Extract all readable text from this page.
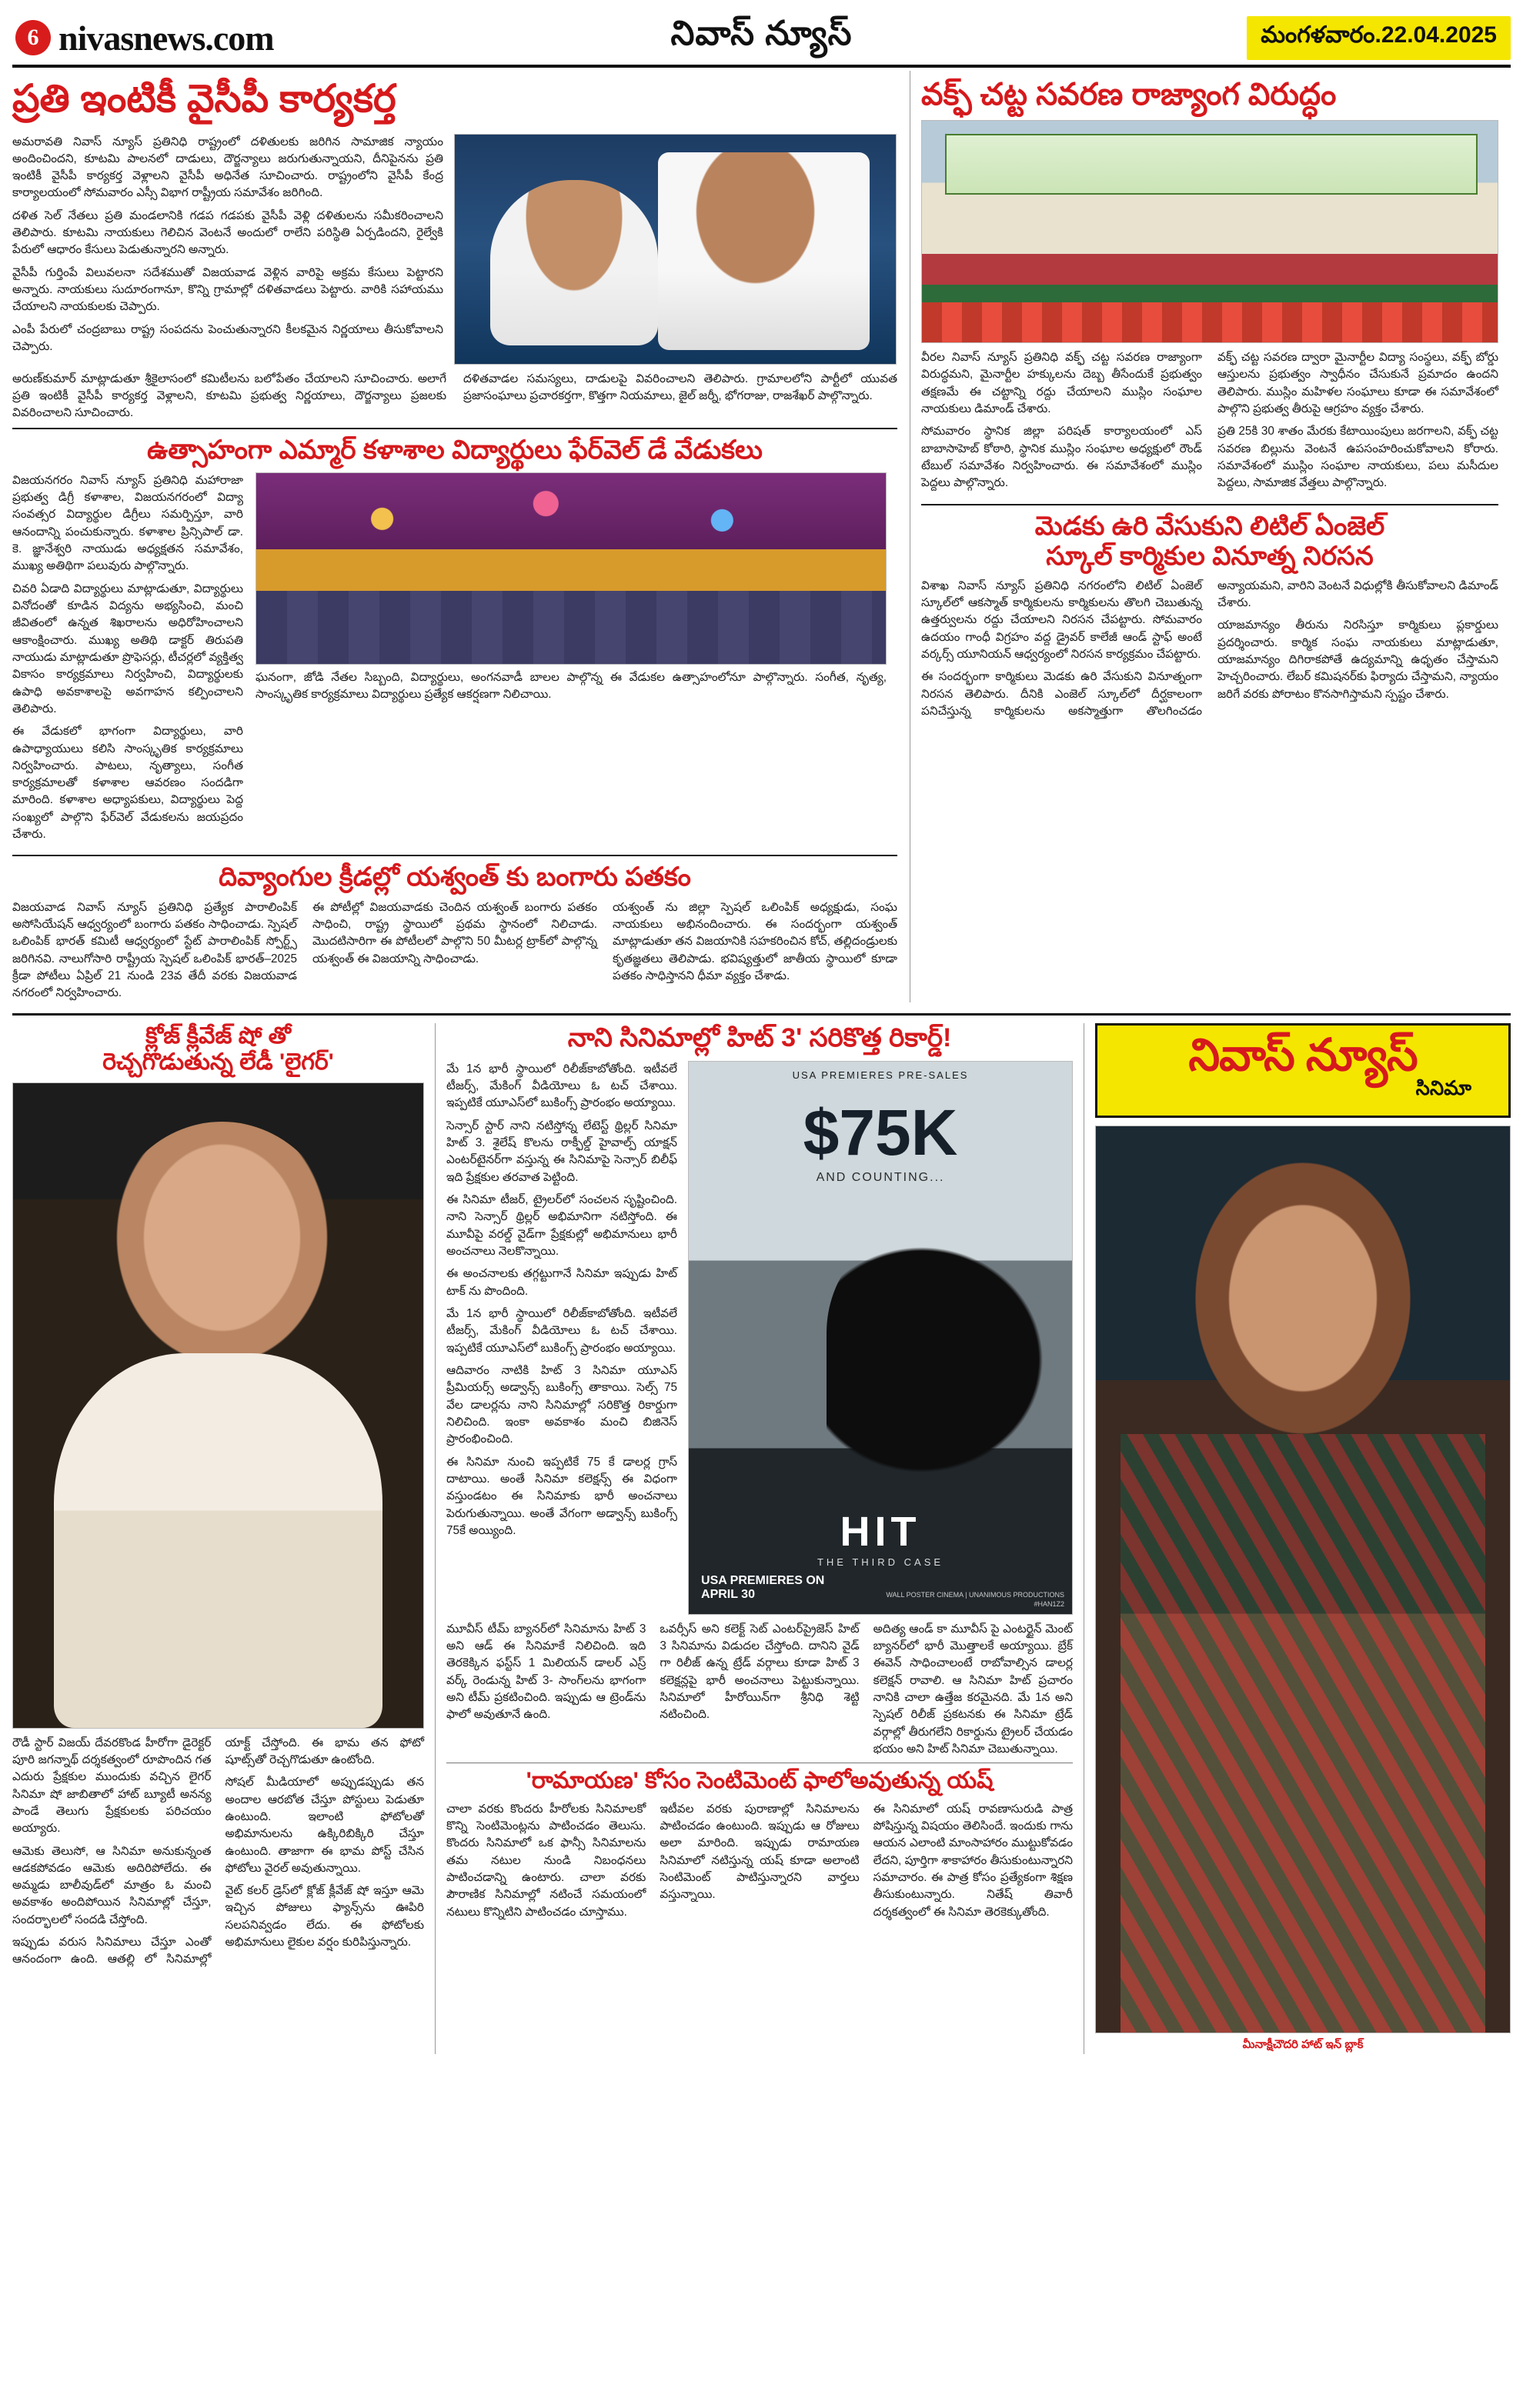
6 nivasnews.com	నివాస్ న్యూస్	మంగళవారం.22.04.2025
ప్రతి ఇంటికీ వైసీపీ కార్యకర్త

అమరావతి నివాస్ న్యూస్ ప్రతినిధి రాష్ట్రంలో దళితులకు జరిగిన సామాజిక న్యాయం అందించిందని, కూటమి పాలనలో దాడులు, దౌర్జన్యాలు జరుగుతున్నాయని, దీనిపైనను ప్రతి ఇంటికీ వైసీపీ కార్యకర్త వెళ్లాలని వైసీపీ అధినేత సూచించారు. రాష్ట్రంలోని వైసీపీ కేంద్ర కార్యాలయంలో సోమవారం ఎస్సీ విభాగ రాష్ట్రీయ సమావేశం జరిగింది.

దళిత సెల్ నేతలు ప్రతి మండలానికి గడప గడపకు వైసీపీ వెళ్లి దళితులను సమీకరించాలని తెలిపారు. కూటమి నాయకులు గెలిచిన వెంటనే అందులో రాలేని పరిస్థితి ఏర్పడిందని, రైల్వేకి పేరులో ఆధారం కేసులు పెడుతున్నారని అన్నారు.

వైసీపీ గుర్తింపే విలువలనా సదేశముతో విజయవాడ వెళ్లిన వారిపై అక్రమ కేసులు పెట్టారని అన్నారు. నాయకులు సుదూరంగానూ, కొన్ని గ్రామాల్లో దళితవాడలు పెట్టారు. వారికి సహాయము చేయాలని నాయకులకు చెప్పారు.

ఎంపీ పేరులో చంద్రబాబు రాష్ట్ర సంపదను పెంచుతున్నారని కీలకమైన నిర్ణయాలు తీసుకోవాలని చెప్పారు.

అరుణ్‌కుమార్ మాట్లాడుతూ శ్రీకైలాసంలో కమిటీలను బలోపేతం చేయాలని సూచించారు. అలాగే ప్రతి ఇంటికీ వైసీపీ కార్యకర్త వెళ్లాలని, కూటమి ప్రభుత్వ నిర్ణయాలు, దౌర్జన్యాలు ప్రజలకు వివరించాలని సూచించారు.

దళితవాడల సమస్యలు, దాడులపై వివరించాలని తెలిపారు. గ్రామాలలోని పార్టీలో యువత ప్రజాసంఘాలు ప్రచారకర్తగా, కొత్తగా నియమాలు, జైల్ జర్నీ, భోగరాజు, రాజశేఖర్ పాల్గొన్నారు.

ఉత్సాహంగా ఎమ్మార్ కళాశాల విద్యార్థులు ఫేర్‌వెల్ డే వేడుకలు

విజయనగరం నివాస్ న్యూస్ ప్రతినిధి మహారాజా ప్రభుత్వ డిగ్రీ కళాశాల, విజయనగరంలో విద్యా సంవత్సర విద్యార్థుల డిగ్రీలు సమర్పిస్తూ, వారి ఆనందాన్ని పంచుకున్నారు. కళాశాల ప్రిన్సిపాల్ డా. కె. జ్ఞానేశ్వరి నాయుడు అధ్యక్షతన సమావేశం, ముఖ్య అతిథిగా పలువురు పాల్గొన్నారు.

చివరి ఏడాది విద్యార్థులు మాట్లాడుతూ, విద్యార్థులు వినోదంతో కూడిన విద్యను అభ్యసించి, మంచి జీవితంలో ఉన్నత శిఖరాలను అధిరోహించాలని ఆకాంక్షించారు. ముఖ్య అతిథి డాక్టర్ తిరుపతి నాయుడు మాట్లాడుతూ ప్రొఫెసర్లు, టీచర్లలో వ్యక్తిత్వ వికాసం కార్యక్రమాలు నిర్వహించి, విద్యార్థులకు ఉపాధి అవకాశాలపై అవగాహన కల్పించాలని తెలిపారు.

ఈ వేడుకలో భాగంగా విద్యార్థులు, వారి ఉపాధ్యాయులు కలిసి సాంస్కృతిక కార్యక్రమాలు నిర్వహించారు. పాటలు, నృత్యాలు, సంగీత కార్యక్రమాలతో కళాశాల ఆవరణం సందడిగా మారింది. కళాశాల అధ్యాపకులు, విద్యార్థులు పెద్ద సంఖ్యలో పాల్గొని ఫేర్‌వెల్ వేడుకలను జయప్రదం చేశారు.

ఘనంగా, జోడి నేతల సిబ్బంది, విద్యార్థులు, అంగనవాడీ బాలల పాల్గొన్న ఈ వేడుకల ఉత్సాహంలోనూ పాల్గొన్నారు. సంగీత, నృత్య, సాంస్కృతిక కార్యక్రమాలు విద్యార్థులు ప్రత్యేక ఆకర్షణగా నిలిచాయి.
దివ్యాంగుల క్రీడల్లో యశ్వంత్ కు బంగారు పతకం

విజయవాడ నివాస్ న్యూస్ ప్రతినిధి ప్రత్యేక పారాలింపిక్ అసోసియేషన్ ఆధ్వర్యంలో బంగారు పతకం సాధించాడు. స్పెషల్ ఒలింపిక్ భారత్ కమిటీ ఆధ్వర్యంలో స్టేట్ పారాలింపిక్ స్పోర్ట్స్ జరిగినవి. నాలుగోసారి రాష్ట్రీయ స్పెషల్ ఒలింపిక్ భారత్–2025 క్రీడా పోటీలు ఏప్రిల్ 21 నుండి 23వ తేదీ వరకు విజయవాడ నగరంలో నిర్వహించారు.

ఈ పోటీల్లో విజయవాడకు చెందిన యశ్వంత్ బంగారు పతకం సాధించి, రాష్ట్ర స్థాయిలో ప్రథమ స్థానంలో నిలిచాడు. మొదటిసారిగా ఈ పోటీలలో పాల్గొని 50 మీటర్ల ట్రాక్‌లో పాల్గొన్న యశ్వంత్ ఈ విజయాన్ని సాధించాడు.

యశ్వంత్ ను జిల్లా స్పెషల్ ఒలింపిక్ అధ్యక్షుడు, సంఘ నాయకులు అభినందించారు. ఈ సందర్భంగా యశ్వంత్ మాట్లాడుతూ తన విజయానికి సహకరించిన కోచ్, తల్లిదండ్రులకు కృతజ్ఞతలు తెలిపాడు. భవిష్యత్తులో జాతీయ స్థాయిలో కూడా పతకం సాధిస్తానని ధీమా వ్యక్తం చేశాడు.

వక్ఫ్ చట్ట సవరణ రాజ్యాంగ విరుద్ధం

వీరల నివాస్ న్యూస్ ప్రతినిధి వక్ఫ్ చట్ట సవరణ రాజ్యాంగా విరుద్ధమని, మైనార్టీల హక్కులను దెబ్బ తీసేందుకే ప్రభుత్వం తక్షణమే ఈ చట్టాన్ని రద్దు చేయాలని ముస్లిం సంఘాల నాయకులు డిమాండ్ చేశారు.

సోమవారం స్థానిక జిల్లా పరిషత్ కార్యాలయంలో ఎస్ బాబాసాహెబ్ కోఠారి, స్థానిక ముస్లిం సంఘాల అధ్యక్షులో రౌండ్ టేబుల్ సమావేశం నిర్వహించారు. ఈ సమావేశంలో ముస్లిం పెద్దలు పాల్గొన్నారు.

వక్ఫ్ చట్ట సవరణ ద్వారా మైనార్టీల విద్యా సంస్థలు, వక్ఫ్ బోర్డు ఆస్తులను ప్రభుత్వం స్వాధీనం చేసుకునే ప్రమాదం ఉందని తెలిపారు. ముస్లిం మహిళల సంఘాలు కూడా ఈ సమావేశంలో పాల్గొని ప్రభుత్వ తీరుపై ఆగ్రహం వ్యక్తం చేశారు.

ప్రతి 25కి 30 శాతం మేరకు కేటాయింపులు జరగాలని, వక్ఫ్ చట్ట సవరణ బిల్లును వెంటనే ఉపసంహరించుకోవాలని కోరారు. సమావేశంలో ముస్లిం సంఘాల నాయకులు, పలు మసీదుల పెద్దలు, సామాజిక వేత్తలు పాల్గొన్నారు.

మెడకు ఉరి వేసుకుని లిటిల్ ఏంజెల్
స్కూల్ కార్మికుల వినూత్న నిరసన

విశాఖ నివాస్ న్యూస్ ప్రతినిధి నగరంలోని లిటిల్ ఏంజెల్ స్కూల్‌లో ఆకస్మాత్ కార్మికులను కార్మికులను తొలగి చెబుతున్న ఉత్తర్వులను రద్దు చేయాలని నిరసన చేపట్టారు. సోమవారం ఉదయం గాంధీ విగ్రహం వద్ద డ్రైవర్ కాలేజీ ఆండ్ స్టాఫ్ అంటే వర్కర్స్ యూనియన్ ఆధ్వర్యంలో నిరసన కార్యక్రమం చేపట్టారు.

ఈ సందర్భంగా కార్మికులు మెడకు ఉరి వేసుకుని వినూత్నంగా నిరసన తెలిపారు. దీనికి ఎంజెల్ స్కూల్‌లో దీర్ఘకాలంగా పనిచేస్తున్న కార్మికులను అకస్మాత్తుగా తొలగించడం అన్యాయమని, వారిని వెంటనే విధుల్లోకి తీసుకోవాలని డిమాండ్ చేశారు.

యాజమాన్యం తీరును నిరసిస్తూ కార్మికులు ప్లకార్డులు ప్రదర్శించారు. కార్మిక సంఘ నాయకులు మాట్లాడుతూ, యాజమాన్యం దిగిరాకపోతే ఉద్యమాన్ని ఉధృతం చేస్తామని హెచ్చరించారు. లేబర్ కమిషనర్‌కు ఫిర్యాదు చేస్తామని, న్యాయం జరిగే వరకు పోరాటం కొనసాగిస్తామని స్పష్టం చేశారు.

క్లోజ్ క్లీవేజ్ షో తో
రెచ్చగొడుతున్న లేడీ 'లైగర్'

రౌడీ స్టార్ విజయ్ దేవరకొండ హీరోగా డైరెక్టర్ పూరి జగన్నాథ్ దర్శకత్వంలో రూపొందిన గత ఎదురు ప్రేక్షకుల ముందుకు వచ్చిన లైగర్ సినిమా షో జాబితాలో హాట్ బ్యూటీ అనన్య పాండే తెలుగు ప్రేక్షకులకు పరిచయం అయ్యారు.

ఆమెకు తెలుసో, ఆ సినిమా అనుకున్నంత ఆడకపోవడం ఆమెకు అదిరిపోలేదు. ఈ అమ్మడు బాలీవుడ్‌లో మాత్రం ఓ మంచి అవకాశం అందిపోయిన సినిమాల్లో చేస్తూ, సందర్భాలలో సందడి చేస్తోంది.

ఇప్పుడు వరుస సినిమాలు చేస్తూ ఎంతో ఆనందంగా ఉంది. ఆతల్లి లో సినిమాల్లో యాక్ట్ చేస్తోంది. ఈ భామ తన ఫోటో షూట్స్‌తో రెచ్చగొడుతూ ఉంటోంది.

సోషల్ మీడియాలో అప్పుడప్పుడు తన అందాల ఆరబోత చేస్తూ పోస్టులు పెడుతూ ఉంటుంది. ఇలాంటి ఫోటోలతో అభిమానులను ఉక్కిరిబిక్కిరి చేస్తూ ఉంటుంది. తాజాగా ఈ భామ పోస్ట్ చేసిన ఫోటోలు వైరల్ అవుతున్నాయి.

వైట్ కలర్ డ్రెస్‌లో క్లోజ్ క్లీవేజ్ షో ఇస్తూ ఆమె ఇచ్చిన పోజులు ఫ్యాన్స్‌ను ఊపిరి సలపనివ్వడం లేదు. ఈ ఫోటోలకు అభిమానులు లైకుల వర్షం కురిపిస్తున్నారు.

నాని సినిమాల్లో హిట్ 3' సరికొత్త రికార్డ్!

మే 1న భారీ స్థాయిలో రిలీజ్‌కాబోతోంది. ఇటీవలే టీజర్స్, మేకింగ్ వీడియోలు ఓ టచ్ చేశాయి. ఇప్పటికే యూఎస్‌లో బుకింగ్స్ ప్రారంభం అయ్యాయి.

సెన్సార్ స్టార్ నాని నటిస్తోన్న లేటెస్ట్ థ్రిల్లర్ సినిమా హిట్ 3. శైలేష్ కొలను రాక్ఫీల్డ్ హైవాల్ప్ యాక్షన్ ఎంటర్‌టైనర్‌గా వస్తున్న ఈ సినిమాపై సెన్సార్ బిలీఫ్ ఇది ప్రేక్షకుల తరవాత పెట్టింది.

ఈ సినిమా టీజర్, ట్రైలర్‌లో సంచలన సృష్టించింది. నాని సెన్సార్ థ్రిల్లర్ అభిమానిగా నటిస్తోంది. ఈ మూవీపై వరల్డ్ వైడ్‌గా ప్రేక్షకుల్లో అభిమానులు భారీ అంచనాలు నెలకొన్నాయి.

ఈ అంచనాలకు తగ్గట్టుగానే సినిమా ఇప్పుడు హిట్ టాక్ ను పొందింది.

మే 1న భారీ స్థాయిలో రిలీజ్‌కాబోతోంది. ఇటీవలే టీజర్స్, మేకింగ్ వీడియోలు ఓ టచ్ చేశాయి. ఇప్పటికే యూఎస్‌లో బుకింగ్స్ ప్రారంభం అయ్యాయి.

ఆదివారం నాటికి హిట్ 3 సినిమా యూఎస్ ప్రీమియర్స్ అడ్వాన్స్ బుకింగ్స్ తాకాయి. సెల్స్ 75 వేల డాలర్లను నాని సినిమాల్లో సరికొత్త రికార్డుగా నిలిచింది. ఇంకా అవకాశం మంచి బిజినెస్ ప్రారంభించింది.

ఈ సినిమా నుంచి ఇప్పటికే 75 కే డాలర్ల గ్రాస్ దాటాయి. అంతే సినిమా కలెక్షన్స్ ఈ విధంగా వస్తుండటం ఈ సినిమాకు భారీ అంచనాలు పెరుగుతున్నాయి. అంతే వేగంగా అడ్వాన్స్ బుకింగ్స్ 75కే అయ్యింది.

USA PREMIERES PRE-SALES
$75K
AND COUNTING...
HIT
THE THIRD CASE
USA PREMIERES ON
APRIL 30	WALL POSTER CINEMA | UNANIMOUS PRODUCTIONS
#HAN1Z2

మూవీస్ టీమ్ బ్యానర్‌లో సినిమాను హిట్ 3 అని ఆడ్ ఈ సినిమాకే నిలిచింది. ఇది తెరకెక్కిన ఫస్ట్‌స్ 1 మిలియన్ డాలర్ ఎస్ర్ వర్క్ రెండున్న హిట్ 3- సాంగ్‌లను భాగంగా అని టీమ్ ప్రకటించింది. ఇప్పుడు ఆ ట్రెండ్‌ను ఫాలో అవుతూనే ఉంది.

ఒవర్సీస్ అని కలెక్ట్ సెట్ ఎంటర్‌ప్రైజెస్ హిట్ 3 సినిమాను విడుదల చేస్తోంది. దానిని వైడ్ గా రిలీజ్ ఉన్న ట్రేడ్ వర్గాలు కూడా హిట్ 3 కలెక్షన్లపై భారీ అంచనాలు పెట్టుకున్నాయి. సినిమాలో హీరోయిన్‌గా శ్రీనిధి శెట్టి నటించింది.

అదిత్య ఆండ్ కా మూవీస్ పై ఎంటర్టైన్ మెంట్ బ్యానర్‌లో భారీ మొత్తాలకే అయ్యాయి. బ్రేక్ ఈవెన్ సాధించాలంటే రాబోవాల్సిన డాలర్ల కలెక్షన్ రావాలి. ఆ సినిమా హిట్ ప్రచారం నానికి చాలా ఉత్తేజ కరమైనది. మే 1న అని స్పెషల్ రిలీజ్ ప్రకటనకు ఈ సినిమా ట్రేడ్ వర్గాల్లో తీరుగలేని రికార్డును ట్రైలర్ చేయడం భయం అని హిట్ సినిమా చెబుతున్నాయి.

'రామాయణ' కోసం సెంటిమెంట్ ఫాలోఅవుతున్న యష్

చాలా వరకు కొందరు హీరోలకు సినిమాలకో కొన్ని సెంటిమెంట్లను పాటించడం తెలుసు. కొందరు సినిమాలో ఒక ఫాన్సీ సినిమాలను తమ నటుల నుండి నిబంధనలు పాటించడాన్ని ఉంటారు. చాలా వరకు పౌరాణిక సినిమాల్లో నటించే సమయంలో నటులు కొన్నిటిని పాటించడం చూస్తాము.

ఇటీవల వరకు పురాణాల్లో సినిమాలను పాటించడం ఉంటుంది. ఇప్పుడు ఆ రోజులు అలా మారింది. ఇప్పుడు రామాయణ సినిమాలో నటిస్తున్న యష్ కూడా అలాంటి సెంటిమెంట్ పాటిస్తున్నారని వార్తలు వస్తున్నాయి.

ఈ సినిమాలో యష్ రావణాసురుడి పాత్ర పోషిస్తున్న విషయం తెలిసిందే. ఇందుకు గాను ఆయన ఎలాంటి మాంసాహారం ముట్టుకోవడం లేదని, పూర్తిగా శాకాహారం తీసుకుంటున్నారని సమాచారం. ఈ పాత్ర కోసం ప్రత్యేకంగా శిక్షణ తీసుకుంటున్నారు. నితేష్ తివారీ దర్శకత్వంలో ఈ సినిమా తెరకెక్కుతోంది.

నివాస్ న్యూస్
సినిమా
మీనాక్షీచౌదరి హాట్ ఇన్ బ్లాక్
